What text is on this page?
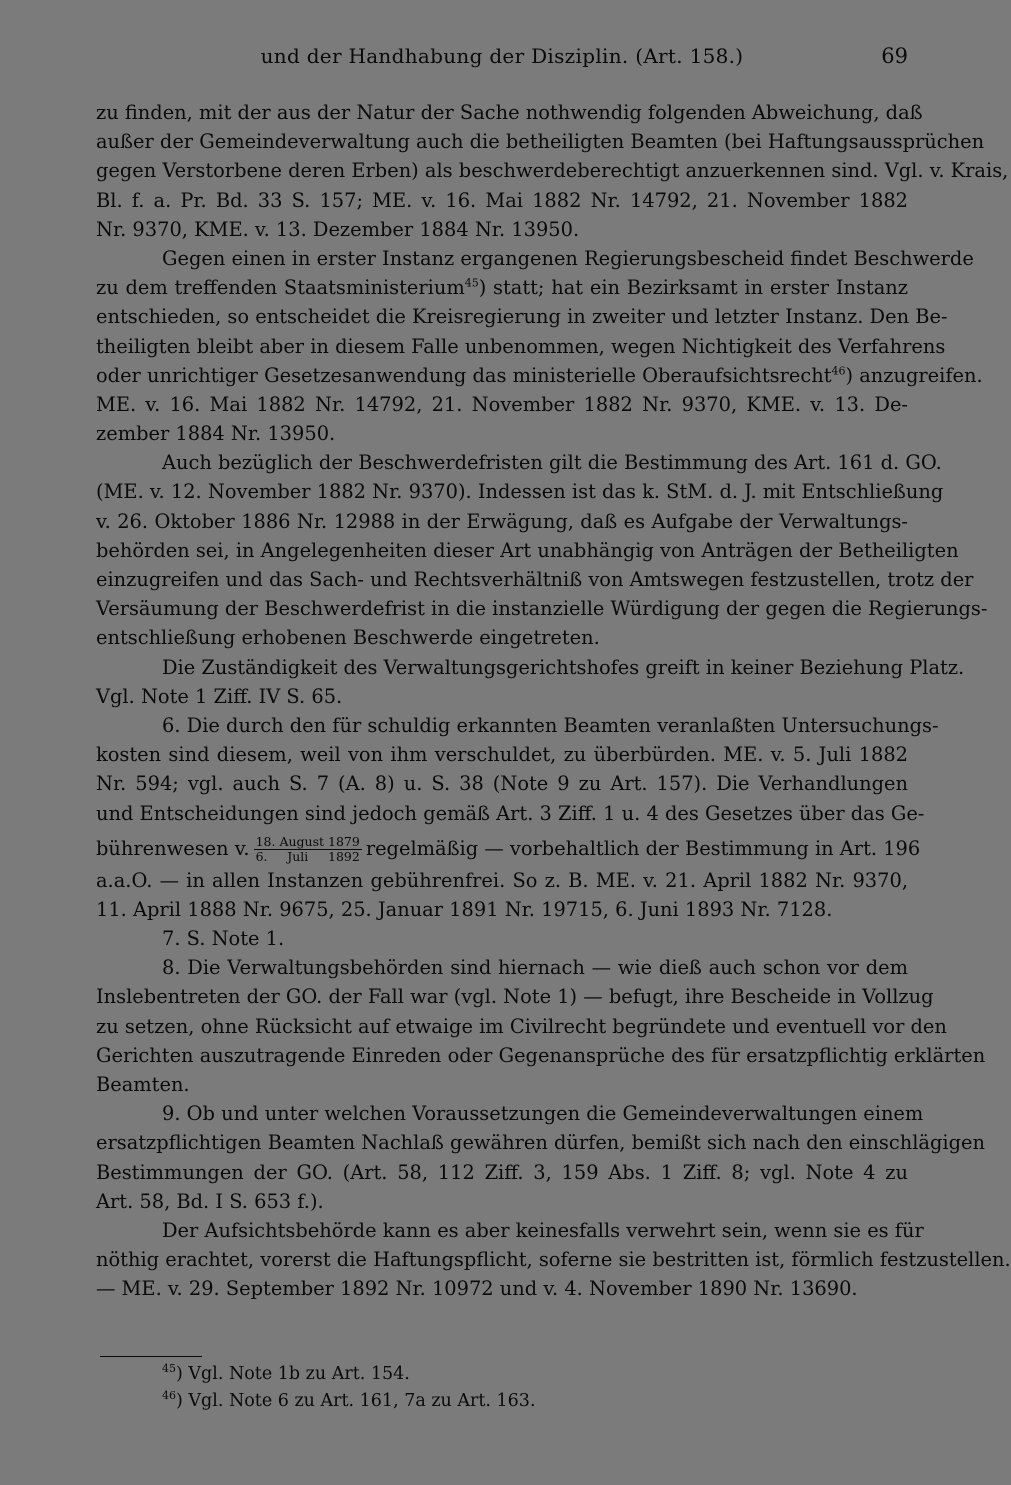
und der Handhabung der Disziplin. (Art. 158.)	69
zu finden, mit der aus der Natur der Sache nothwendig folgenden Abweichung, daß
außer der Gemeindeverwaltung auch die betheiligten Beamten (bei Haftungsaussprüchen
gegen Verstorbene deren Erben) als beschwerdeberechtigt anzuerkennen sind. Vgl. v. Krais,
Bl. f. a. Pr. Bd. 33 S. 157; ME. v. 16. Mai 1882 Nr. 14792, 21. November 1882
Nr. 9370, KME. v. 13. Dezember 1884 Nr. 13950.
Gegen einen in erster Instanz ergangenen Regierungsbescheid findet Beschwerde
zu dem treffenden Staatsministerium$^{45}$) statt; hat ein Bezirksamt in erster Instanz
entschieden, so entscheidet die Kreisregierung in zweiter und letzter Instanz. Den Be-
theiligten bleibt aber in diesem Falle unbenommen, wegen Nichtigkeit des Verfahrens
oder unrichtiger Gesetzesanwendung das ministerielle Oberaufsichtsrecht$^{46}$) anzugreifen.
ME. v. 16. Mai 1882 Nr. 14792, 21. November 1882 Nr. 9370, KME. v. 13. De-
zember 1884 Nr. 13950.
Auch bezüglich der Beschwerdefristen gilt die Bestimmung des Art. 161 d. GO.
(ME. v. 12. November 1882 Nr. 9370). Indessen ist das k. StM. d. J. mit Entschließung
v. 26. Oktober 1886 Nr. 12988 in der Erwägung, daß es Aufgabe der Verwaltungs-
behörden sei, in Angelegenheiten dieser Art unabhängig von Anträgen der Betheiligten
einzugreifen und das Sach- und Rechtsverhältniß von Amtswegen festzustellen, trotz der
Versäumung der Beschwerdefrist in die instanzielle Würdigung der gegen die Regierungs-
entschließung erhobenen Beschwerde eingetreten.
Die Zuständigkeit des Verwaltungsgerichtshofes greift in keiner Beziehung Platz.
Vgl. Note 1 Ziff. IV S. 65.
6. Die durch den für schuldig erkannten Beamten veranlaßten Untersuchungs-
kosten sind diesem, weil von ihm verschuldet, zu überbürden. ME. v. 5. Juli 1882
Nr. 594; vgl. auch S. 7 (A. 8) u. S. 38 (Note 9 zu Art. 157). Die Verhandlungen
und Entscheidungen sind jedoch gemäß Art. 3 Ziff. 1 u. 4 des Gesetzes über das Ge-
bührenwesen v. $\frac{\text{18. August 1879}}{\text{6. Juli 1892}}$ regelmäßig — vorbehaltlich der Bestimmung in Art. 196
a.a.O. — in allen Instanzen gebührenfrei. So z. B. ME. v. 21. April 1882 Nr. 9370,
11. April 1888 Nr. 9675, 25. Januar 1891 Nr. 19715, 6. Juni 1893 Nr. 7128.
7. S. Note 1.
8. Die Verwaltungsbehörden sind hiernach — wie dieß auch schon vor dem
Inslebentreten der GO. der Fall war (vgl. Note 1) — befugt, ihre Bescheide in Vollzug
zu setzen, ohne Rücksicht auf etwaige im Civilrecht begründete und eventuell vor den
Gerichten auszutragende Einreden oder Gegenansprüche des für ersatzpflichtig erklärten
Beamten.
9. Ob und unter welchen Voraussetzungen die Gemeindeverwaltungen einem
ersatzpflichtigen Beamten Nachlaß gewähren dürfen, bemißt sich nach den einschlägigen
Bestimmungen der GO. (Art. 58, 112 Ziff. 3, 159 Abs. 1 Ziff. 8; vgl. Note 4 zu
Art. 58, Bd. I S. 653 f.).
Der Aufsichtsbehörde kann es aber keinesfalls verwehrt sein, wenn sie es für
nöthig erachtet, vorerst die Haftungspflicht, soferne sie bestritten ist, förmlich festzustellen.
— ME. v. 29. September 1892 Nr. 10972 und v. 4. November 1890 Nr. 13690.
$^{45}$) Vgl. Note 1b zu Art. 154.
$^{46}$) Vgl. Note 6 zu Art. 161, 7a zu Art. 163.
